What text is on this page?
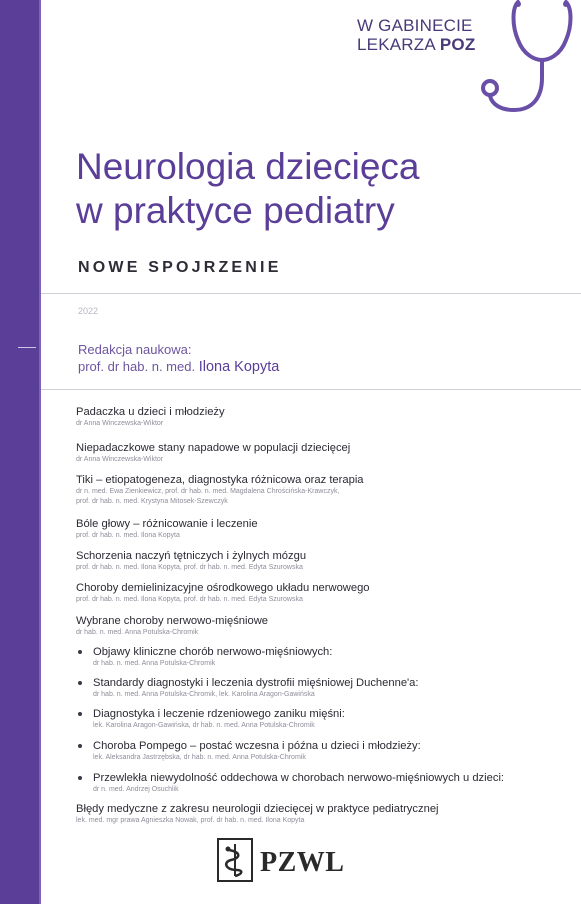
W GABINECIE
LEKARZA POZ
Neurologia dziecięca
w praktyce pediatry
NOWE SPOJRZENIE
2022
Redakcja naukowa:
prof. dr hab. n. med. Ilona Kopyta
Padaczka u dzieci i młodzieży
dr Anna Winczewska-Wiktor
Niepadaczkowe stany napadowe w populacji dziecięcej
dr Anna Winczewska-Wiktor
Tiki – etiopatogeneza, diagnostyka różnicowa oraz terapia
dr n. med. Ewa Zienkiewicz, prof. dr hab. n. med. Magdalena Chrościńska-Krawczyk,
prof. dr hab. n. med. Krystyna Mitosek-Szewczyk
Bóle głowy – różnicowanie i leczenie
prof. dr hab. n. med. Ilona Kopyta
Schorzenia naczyń tętniczych i żylnych mózgu
prof. dr hab. n. med. Ilona Kopyta, prof. dr hab. n. med. Edyta Szurowska
Choroby demielinizacyjne ośrodkowego układu nerwowego
prof. dr hab. n. med. Ilona Kopyta, prof. dr hab. n. med. Edyta Szurowska
Wybrane choroby nerwowo-mięśniowe
dr hab. n. med. Anna Potulska-Chromik
Objawy kliniczne chorób nerwowo-mięśniowych:
dr hab. n. med. Anna Potulska-Chromik
Standardy diagnostyki i leczenia dystrofii mięśniowej Duchenne'a:
dr hab. n. med. Anna Potulska-Chromik, lek. Karolina Aragon-Gawińska
Diagnostyka i leczenie rdzeniowego zaniku mięśni:
lek. Karolina Aragon-Gawińska, dr hab. n. med. Anna Potulska-Chromik
Choroba Pompego – postać wczesna i późna u dzieci i młodzieży:
lek. Aleksandra Jastrzębska, dr hab. n. med. Anna Potulska-Chromik
Przewlekła niewydolność oddechowa w chorobach nerwowo-mięśniowych u dzieci:
dr n. med. Andrzej Osuchlik
Błędy medyczne z zakresu neurologii dziecięcej w praktyce pediatrycznej
lek. med. mgr prawa Agnieszka Nowak, prof. dr hab. n. med. Ilona Kopyta
PZWL
